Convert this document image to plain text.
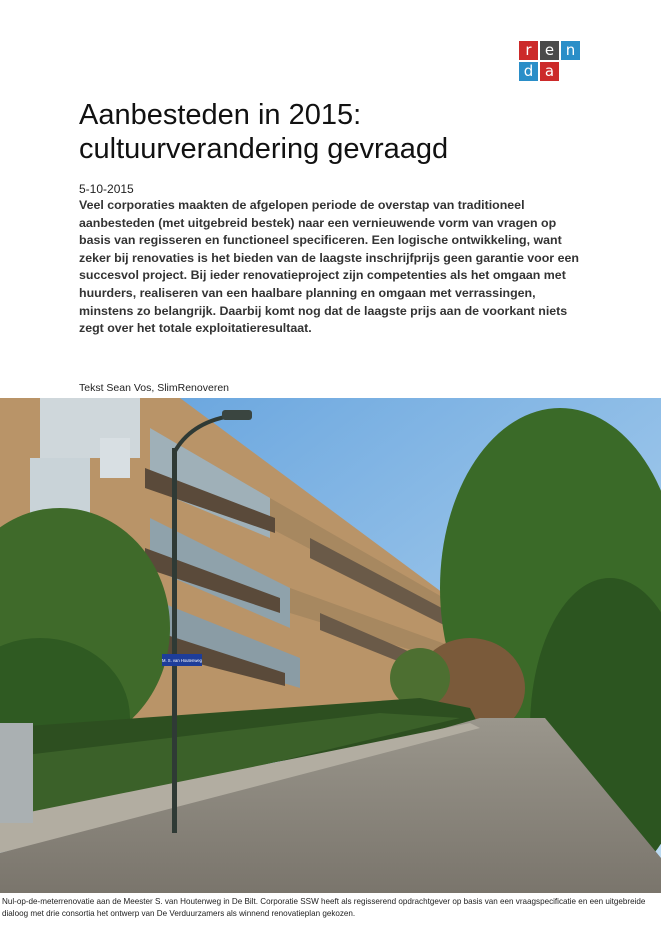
r e n
d a
Aanbesteden in 2015:
cultuurverandering gevraagd
5-10-2015

Veel corporaties maakten de afgelopen periode de overstap van traditioneel aanbesteden (met uitgebreid bestek) naar een vernieuwende vorm van vragen op basis van regisseren en functioneel specificeren. Een logische ontwikkeling, want zeker bij renovaties is het bieden van de laagste inschrijfprijs geen garantie voor een succesvol project. Bij ieder renovatieproject zijn competenties als het omgaan met huurders, realiseren van een haalbare planning en omgaan met verrassingen, minstens zo belangrijk. Daarbij komt nog dat de laagste prijs aan de voorkant niets zegt over het totale exploitatieresultaat.

Tekst Sean Vos, SlimRenoveren
M. S. van Houtenweg

Nul-op-de-meterrenovatie aan de Meester S. van Houtenweg in De Bilt. Corporatie SSW heeft als regisserend opdrachtgever op basis van een vraagspecificatie en een uitgebreide dialoog met drie consortia het ontwerp van De Verduurzamers als winnend renovatieplan gekozen.
